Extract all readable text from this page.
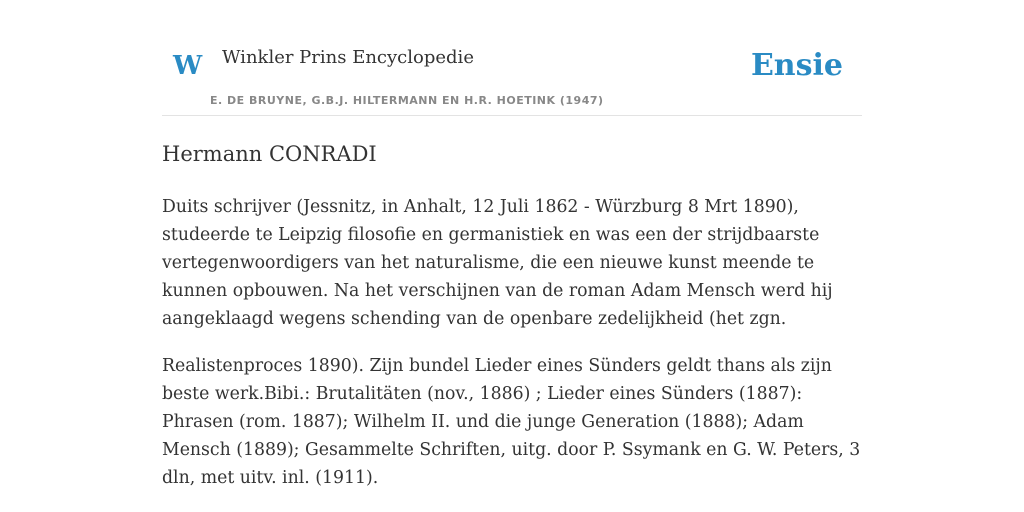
W Winkler Prins Encyclopedie
E. DE BRUYNE, G.B.J. HILTERMANN EN H.R. HOETINK (1947)
Ensie
Hermann CONRADI

Duits schrijver (Jessnitz, in Anhalt, 12 Juli 1862 - Würzburg 8 Mrt 1890), studeerde te Leipzig filosofie en germanistiek en was een der strijdbaarste vertegenwoordigers van het naturalisme, die een nieuwe kunst meende te kunnen opbouwen. Na het verschijnen van de roman Adam Mensch werd hij aangeklaagd wegens schending van de openbare zedelijkheid (het zgn.

Realistenproces 1890). Zijn bundel Lieder eines Sünders geldt thans als zijn beste werk.Bibi.: Brutalitäten (nov., 1886) ; Lieder eines Sünders (1887): Phrasen (rom. 1887); Wilhelm II. und die junge Generation (1888); Adam Mensch (1889); Gesammelte Schriften, uitg. door P. Ssymank en G. W. Peters, 3 dln, met uitv. inl. (1911).
